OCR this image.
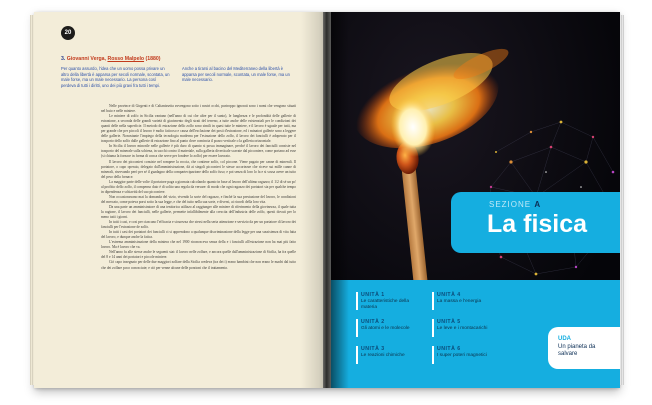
20
3. Giovanni Verga, Rosso Malpelo (1880)
Per quanto assurdo, l'idea che un uomo possa privare un altro della libertà è apparsa per secoli normale, scontata, un male forse, ma un male necessario. La persona così perdeva di tutti i diritti, uno dei più gravi fra tutti i tempi.
Anche a tirarsi al bacino del Mediterraneo della libertà è apparsa per secoli normale, scontata, un male forse, ma un male necessario.

Nelle province di Girgenti e di Caltanissetta avvengono sotto i nostri occhi, purtroppo ignorati sono i nomi che vengono situati nel buio e nelle miniere.

Le miniere di zolfo in Sicilia vantano (nell'anno di cui che altre per il sunto), le lunghezza e le profondità delle gallerie di estrazione, a seconda delle grandi varietà di giacimento degli strati del terreno, a tutte anche delle esistenziali per le condizioni dei quanti delle nella superficie. Il metodo di estrazione dello zolfo sono simili in quasi tutte le miniere, e il lavoro è uguale per tutti, ma per grande che per piccoli il lavoro è molto faticoso e causa dell'esclusione dei posti d'estrazione, ed i minatori gallerie sono a leggere delle gallerie. Nonostante l'impiego della tecnologia moderna per l'estrazione dello zolfo, il lavoro dei fanciulli è adoperato per il trasporto dello zolfo dalle gallerie di estrazione fino al punto dove comincia il pozzo verticale o la galleria orizzontale.

In Sicilia il lavoro minorile nelle gallerie è più duro di quanto si possa immaginare, perché il lavoro dei fanciulli consiste nel trasporto del minerale sulla schiena, in sacchi contro il materiale, sulla galleria diverticale scavate dal picconiere, come portano ad esse (si chiama la fornace in forma di conca che serve per fondere lo zolfo) per essere lavorato.

Il lavoro dei picconieri consiste nel rompere la roccia, che contiene zolfo, col piccone. Viene pagato per canne di minerali. Il portatore, o capo operaio, delegato dall'amministrazione, dà ai singoli picconieri le stesse accortezze che riceve sui mille canne di minerali, riservando però per sé il guadagno della compartecipazione dello zolfo fuso; e poi senza di loro lo fa e si scusa avere un tutto del peso della fornace.

La maggior parte delle volte il portatore paga a giornata calcolando quanto in base al lavoro dell'ultimo ragazzo; il 1/2 di sé un po' al profitto dello zolfo, il compenso dato è di solito una regola da versare: di modo che ogni ragazzo dei portatori sia per qualche tempo in dipendenza e schiavitù del suo picconiere.

Non occasionavano mai la domanda del vizio, vivendo la sorte del ragazzo, e finché la sua prestazione del lavoro, le condizioni del mercato, come poteva porsi sotto la sua legge, e che del tutto nella sua sorte, e diversi, ai ricordi della loro vita.

Da una parte un amministratore di una tenitorica utilizzo al raggiunger alle miniere di riferimento della giovinezza, il quale tutta la ragione, il lavoro dei fanciulli, nelle gallerie, permette infallibilmente alla crescita dell'industria delle zolfo, questi dovuti per lo meno tutti i giorni.

In tutti i casi, e cosi per ciascuno l'efficacia e sicurezza che stessi nella seria attenzione e servizio da per un portatore di lavoro dei fanciulli per l'estrazione de zolfo.

In tutti i casi dei portatori dei fanciulli ci si apprendono a qualunque discriminazione della legge per una sussistenza di vita fatta del lavoro, e dunque anche la fatica.

L'estrema amministrazione della miniera che nel 1900 riconosceva senza della e i fanciulli all'estrazione non ha mai più fatto lavoro. Ma è lavoro che va.

Nell'anno fu alle stesse anche le seguenti stat: il lavoro nelle zolfare, e ancora quelle dall'amministrazione di Sicilia, ha fra quelle del 8 e 14 anni dei portatori e piccole miniere.

Ciò capo insegnato per delle due maggiori zolfare della Sicilia credeva (tra dei i) erano bambini che non erano le madri dal tutto che dei zolfare poco conosciute; e ciò per venne alcune delle porzioni che il trattamento.

SEZIONE A
La fisica
UNITÀ 1
Le caratteristiche della materia
UNITÀ 2
Gli atomi e le molecole
UNITÀ 3
Le reazioni chimiche
UNITÀ 4
La massa e l'energia
UNITÀ 5
Le leve e i montacarichi
UNITÀ 6
I super poteri magnetici
UDA
Un pianeta da salvare
